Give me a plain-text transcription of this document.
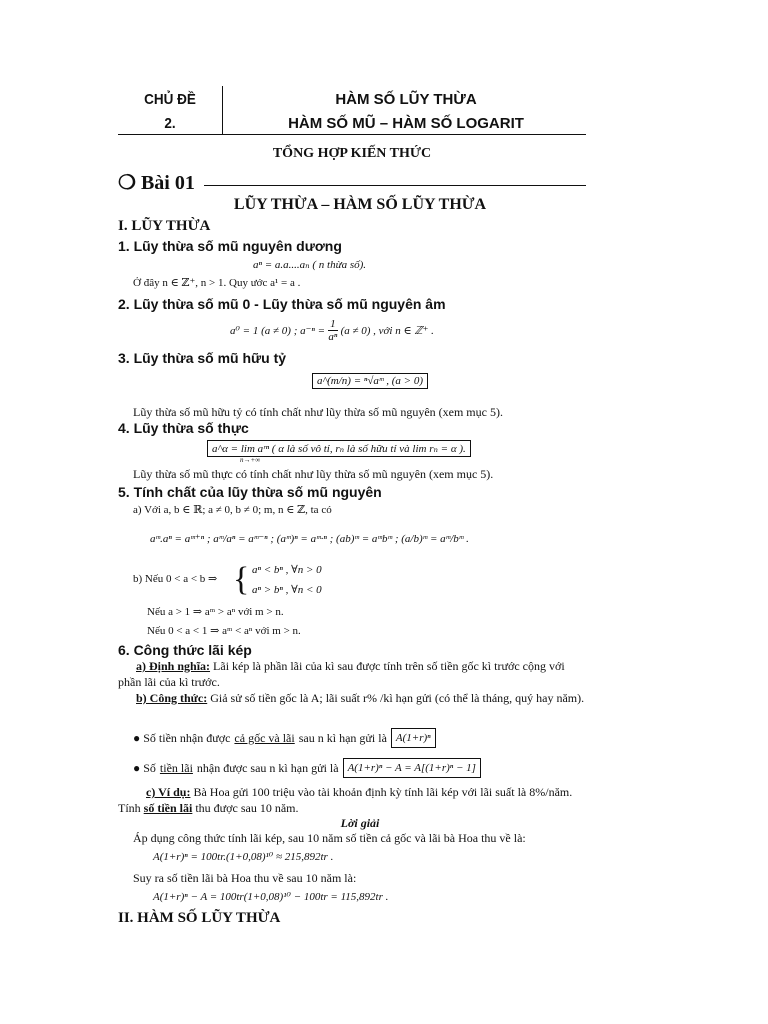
CHỦ ĐỀ
2.
HÀM SỐ LŨY THỪA
HÀM SỐ MŨ – HÀM SỐ LOGARIT
TỔNG HỢP KIẾN THỨC
❍ Bài 01
LŨY THỪA – HÀM SỐ LŨY THỪA
I. LŨY THỪA
1. Lũy thừa số mũ nguyên dương
aⁿ = a.a....aₙ ( n thừa số).
Ở đây n ∈ ℤ⁺, n > 1. Quy ước a¹ = a .
2. Lũy thừa số mũ 0 - Lũy thừa số mũ nguyên âm
a⁰ = 1 (a ≠ 0) ; $a^{-n} = \frac{1}{\text{aⁿ}} (a \ne 0)$ , với n ∈ ℤ⁺ .
3. Lũy thừa số mũ hữu tỷ
a^(m/n) = ⁿ√aᵐ , (a > 0)
Lũy thừa số mũ hữu tỷ có tính chất như lũy thừa số mũ nguyên (xem mục 5).
4. Lũy thừa số thực
a^α = lim aʳⁿ ( α là số vô tỉ, rₙ là số hữu tỉ và lim rₙ = α ).
n→+∞
Lũy thừa số mũ thực có tính chất như lũy thừa số mũ nguyên (xem mục 5).
5. Tính chất của lũy thừa số mũ nguyên
a) Với a, b ∈ ℝ; a ≠ 0, b ≠ 0; m, n ∈ ℤ, ta có
aᵐ.aⁿ = aᵐ⁺ⁿ ; aᵐ/aⁿ = aᵐ⁻ⁿ ; (aᵐ)ⁿ = aᵐ·ⁿ ; (ab)ᵐ = aᵐbᵐ ; (a/b)ᵐ = aᵐ/bᵐ .
b) Nếu 0 < a < b ⇒ { aⁿ < bⁿ , ∀n > 0
aⁿ > bⁿ , ∀n < 0
Nếu a > 1 ⇒ aᵐ > aⁿ với m > n.
Nếu 0 < a < 1 ⇒ aᵐ < aⁿ với m > n.
6. Công thức lãi kép
a) Định nghĩa: Lãi kép là phần lãi của kì sau được tính trên số tiền gốc kì trước cộng với phần lãi của kì trước.
b) Công thức: Giả sử số tiền gốc là A; lãi suất r% /kì hạn gửi (có thể là tháng, quý hay năm).
● Số tiền nhận được cả gốc và lãi sau n kì hạn gửi là A(1+r)ⁿ
● Số tiền lãi nhận được sau n kì hạn gửi là A(1+r)ⁿ − A = A[(1+r)ⁿ − 1]
c) Ví dụ: Bà Hoa gửi 100 triệu vào tài khoản định kỳ tính lãi kép với lãi suất là 8%/năm. Tính số tiền lãi thu được sau 10 năm.
Lời giải
Áp dụng công thức tính lãi kép, sau 10 năm số tiền cả gốc và lãi bà Hoa thu về là:
A(1+r)ⁿ = 100tr.(1+0,08)¹⁰ ≈ 215,892tr .
Suy ra số tiền lãi bà Hoa thu về sau 10 năm là:
A(1+r)ⁿ − A = 100tr(1+0,08)¹⁰ − 100tr = 115,892tr .
II. HÀM SỐ LŨY THỪA
